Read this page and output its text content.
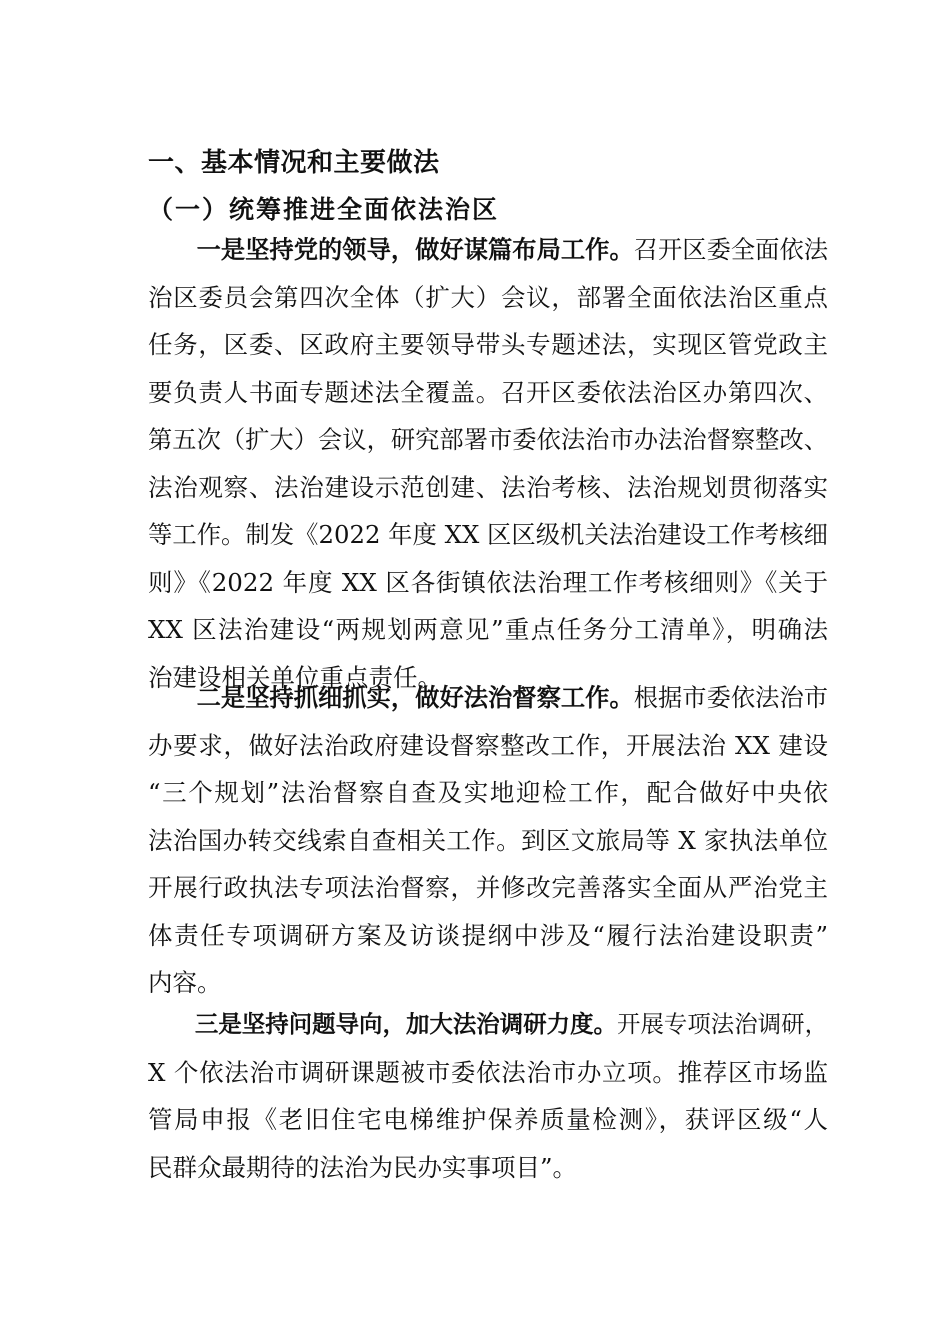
一、基本情况和主要做法
（一）统筹推进全面依法治区
　　一是坚持党的领导，做好谋篇布局工作。召开区委全面依法
治区委员会第四次全体（扩大）会议，部署全面依法治区重点
任务，区委、区政府主要领导带头专题述法，实现区管党政主
要负责人书面专题述法全覆盖。召开区委依法治区办第四次、
第五次（扩大）会议，研究部署市委依法治市办法治督察整改、
法治观察、法治建设示范创建、法治考核、法治规划贯彻落实
等工作。制发《2022 年度 XX 区区级机关法治建设工作考核细
则》《2022 年度 XX 区各街镇依法治理工作考核细则》《关于
XX 区法治建设“两规划两意见”重点任务分工清单》，明确法
治建设相关单位重点责任。
　　二是坚持抓细抓实，做好法治督察工作。根据市委依法治市
办要求，做好法治政府建设督察整改工作，开展法治 XX 建设
“三个规划”法治督察自查及实地迎检工作，配合做好中央依
法治国办转交线索自查相关工作。到区文旅局等 X 家执法单位
开展行政执法专项法治督察，并修改完善落实全面从严治党主
体责任专项调研方案及访谈提纲中涉及“履行法治建设职责”
内容。
　　三是坚持问题导向，加大法治调研力度。开展专项法治调研，
X 个依法治市调研课题被市委依法治市办立项。推荐区市场监
管局申报《老旧住宅电梯维护保养质量检测》，获评区级“人
民群众最期待的法治为民办实事项目”。
